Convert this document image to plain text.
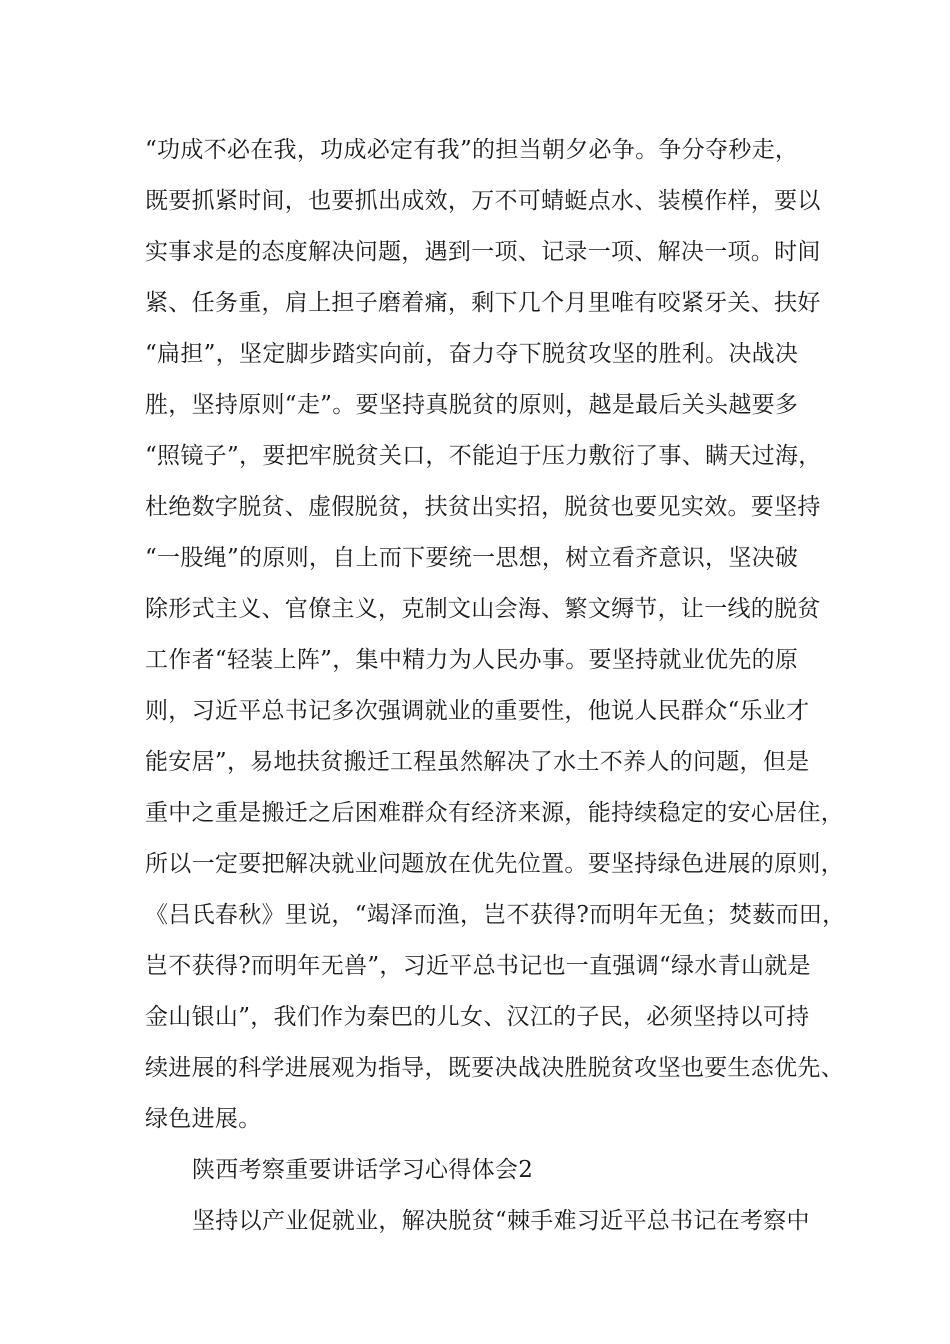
“功成不必在我，功成必定有我”的担当朝夕必争。争分夺秒走，
既要抓紧时间，也要抓出成效，万不可蜻蜓点水、装模作样，要以
实事求是的态度解决问题，遇到一项、记录一项、解决一项。时间
紧、任务重，肩上担子磨着痛，剩下几个月里唯有咬紧牙关、扶好
“扁担”，坚定脚步踏实向前，奋力夺下脱贫攻坚的胜利。决战决
胜，坚持原则“走”。要坚持真脱贫的原则，越是最后关头越要多
“照镜子”，要把牢脱贫关口，不能迫于压力敷衍了事、瞒天过海，
杜绝数字脱贫、虚假脱贫，扶贫出实招，脱贫也要见实效。要坚持
“一股绳”的原则，自上而下要统一思想，树立看齐意识，坚决破
除形式主义、官僚主义，克制文山会海、繁文缛节，让一线的脱贫
工作者“轻装上阵”，集中精力为人民办事。要坚持就业优先的原
则，习近平总书记多次强调就业的重要性，他说人民群众“乐业才
能安居”，易地扶贫搬迁工程虽然解决了水土不养人的问题，但是
重中之重是搬迁之后困难群众有经济来源，能持续稳定的安心居住，
所以一定要把解决就业问题放在优先位置。要坚持绿色进展的原则，
《吕氏春秋》里说，“竭泽而渔，岂不获得?而明年无鱼；焚薮而田，
岂不获得?而明年无兽”，习近平总书记也一直强调“绿水青山就是
金山银山”，我们作为秦巴的儿女、汉江的子民，必须坚持以可持
续进展的科学进展观为指导，既要决战决胜脱贫攻坚也要生态优先、
绿色进展。
陕西考察重要讲话学习心得体会2
坚持以产业促就业，解决脱贫“棘手难习近平总书记在考察中
